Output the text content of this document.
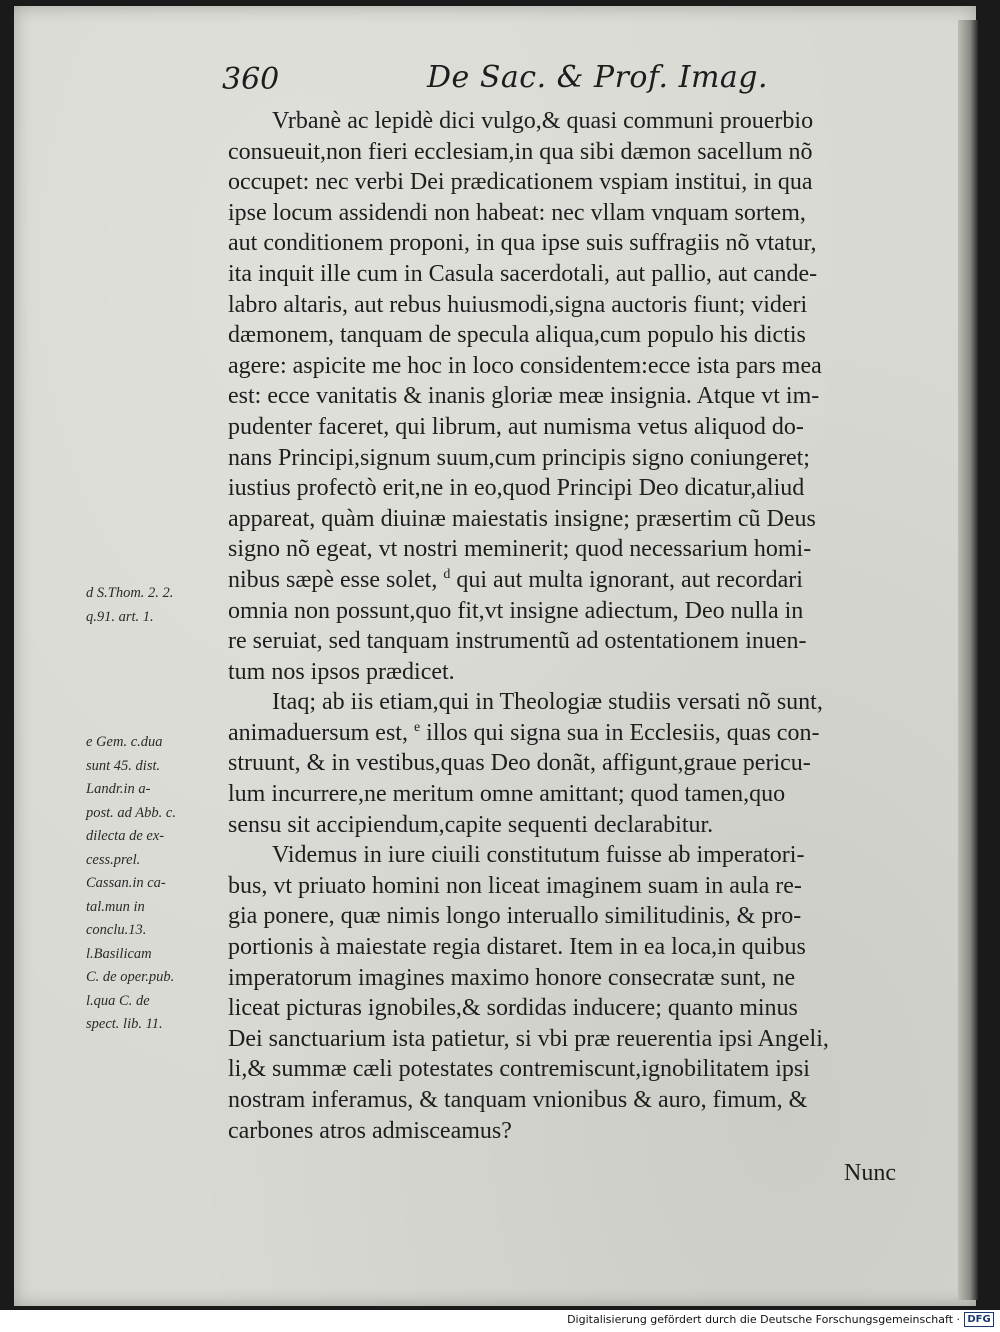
360	De Sac. & Prof. Imag.
Vrbanè ac lepidè dici vulgo,& quasi communi prouerbio
consueuit,non fieri ecclesiam,in qua sibi dæmon sacellum nõ
occupet: nec verbi Dei prædicationem vspiam institui, in qua
ipse locum assidendi non habeat: nec vllam vnquam sortem,
aut conditionem proponi, in qua ipse suis suffragiis nõ vtatur,
ita inquit ille cum in Casula sacerdotali, aut pallio, aut cande-
labro altaris, aut rebus huiusmodi,signa auctoris fiunt; videri
dæmonem, tanquam de specula aliqua,cum populo his dictis
agere: aspicite me hoc in loco considentem:ecce ista pars mea
est: ecce vanitatis & inanis gloriæ meæ insignia. Atque vt im-
pudenter faceret, qui librum, aut numisma vetus aliquod do-
nans Principi,signum suum,cum principis signo coniungeret;
iustius profectò erit,ne in eo,quod Principi Deo dicatur,aliud
appareat, quàm diuinæ maiestatis insigne; præsertim cũ Deus
signo nõ egeat, vt nostri meminerit; quod necessarium homi-
nibus sæpè esse solet, $^d$ qui aut multa ignorant, aut recordari
omnia non possunt,quo fit,vt insigne adiectum, Deo nulla in
re seruiat, sed tanquam instrumentũ ad ostentationem inuen-
tum nos ipsos prædicet.
Itaq; ab iis etiam,qui in Theologiæ studiis versati nõ sunt,
animaduersum est, $^e$ illos qui signa sua in Ecclesiis, quas con-
struunt, & in vestibus,quas Deo donãt, affigunt,graue pericu-
lum incurrere,ne meritum omne amittant; quod tamen,quo
sensu sit accipiendum,capite sequenti declarabitur.
Videmus in iure ciuili constitutum fuisse ab imperatori-
bus, vt priuato homini non liceat imaginem suam in aula re-
gia ponere, quæ nimis longo interuallo similitudinis, & pro-
portionis à maiestate regia distaret. Item in ea loca,in quibus
imperatorum imagines maximo honore consecratæ sunt, ne
liceat picturas ignobiles,& sordidas inducere; quanto minus
Dei sanctuarium ista patietur, si vbi præ reuerentia ipsi Angeli,
li,& summæ cæli potestates contremiscunt,ignobilitatem ipsi
nostram inferamus, & tanquam vnionibus & auro, fimum, &
carbones atros admisceamus?
d S.Thom. 2. 2.
q.91. art. 1.
e Gem. c.dua
sunt 45. dist.
Landr.in a-
post. ad Abb. c.
dilecta de ex-
cess.prel.
Cassan.in ca-
tal.mun in
conclu.13.
l.Basilicam
C. de oper.pub.
l.qua C. de
spect. lib. 11.
Nunc
Digitalisierung gefördert durch die Deutsche Forschungsgemeinschaft · DFG
